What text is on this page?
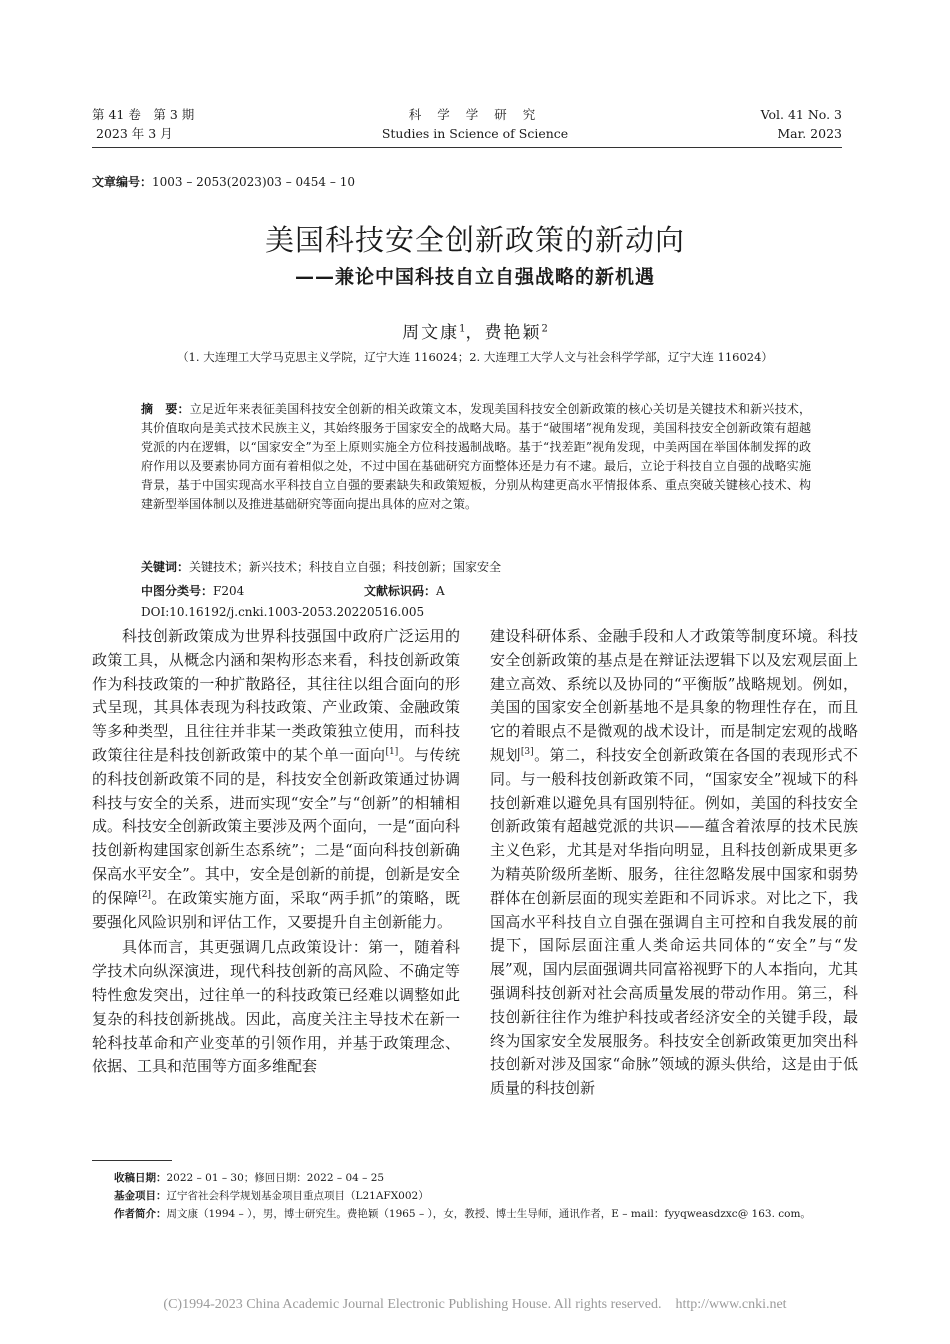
第 41 卷　第 3 期
2023 年 3 月
科 学 学 研 究
Studies in Science of Science
Vol. 41 No. 3
Mar. 2023
文章编号：1003 – 2053(2023)03 – 0454 – 10
美国科技安全创新政策的新动向
——兼论中国科技自立自强战略的新机遇
周文康$^1$，费艳颖$^2$
（1. 大连理工大学马克思主义学院，辽宁大连 116024；2. 大连理工大学人文与社会科学学部，辽宁大连 116024）
摘　要：立足近年来表征美国科技安全创新的相关政策文本，发现美国科技安全创新政策的核心关切是关键技术和新兴技术，其价值取向是美式技术民族主义，其始终服务于国家安全的战略大局。基于“破围堵”视角发现，美国科技安全创新政策有超越党派的内在逻辑，以“国家安全”为至上原则实施全方位科技遏制战略。基于“找差距”视角发现，中美两国在举国体制发挥的政府作用以及要素协同方面有着相似之处，不过中国在基础研究方面整体还是力有不逮。最后，立论于科技自立自强的战略实施背景，基于中国实现高水平科技自立自强的要素缺失和政策短板，分别从构建更高水平情报体系、重点突破关键核心技术、构建新型举国体制以及推进基础研究等面向提出具体的应对之策。
关键词：关键技术；新兴技术；科技自立自强；科技创新；国家安全
中图分类号：F204	文献标识码：A
DOI:10.16192/j.cnki.1003-2053.20220516.005

科技创新政策成为世界科技强国中政府广泛运用的政策工具，从概念内涵和架构形态来看，科技创新政策作为科技政策的一种扩散路径，其往往以组合面向的形式呈现，其具体表现为科技政策、产业政策、金融政策等多种类型，且往往并非某一类政策独立使用，而科技政策往往是科技创新政策中的某个单一面向[1]。与传统的科技创新政策不同的是，科技安全创新政策通过协调科技与安全的关系，进而实现“安全”与“创新”的相辅相成。科技安全创新政策主要涉及两个面向，一是“面向科技创新构建国家创新生态系统”；二是“面向科技创新确保高水平安全”。其中，安全是创新的前提，创新是安全的保障[2]。在政策实施方面，采取“两手抓”的策略，既要强化风险识别和评估工作，又要提升自主创新能力。

具体而言，其更强调几点政策设计：第一，随着科学技术向纵深演进，现代科技创新的高风险、不确定等特性愈发突出，过往单一的科技政策已经难以调整如此复杂的科技创新挑战。因此，高度关注主导技术在新一轮科技革命和产业变革的引领作用，并基于政策理念、依据、工具和范围等方面多维配套

建设科研体系、金融手段和人才政策等制度环境。科技安全创新政策的基点是在辩证法逻辑下以及宏观层面上建立高效、系统以及协同的“平衡版”战略规划。例如，美国的国家安全创新基地不是具象的物理性存在，而且它的着眼点不是微观的战术设计，而是制定宏观的战略规划[3]。第二，科技安全创新政策在各国的表现形式不同。与一般科技创新政策不同，“国家安全”视域下的科技创新难以避免具有国别特征。例如，美国的科技安全创新政策有超越党派的共识——蕴含着浓厚的技术民族主义色彩，尤其是对华指向明显，且科技创新成果更多为精英阶级所垄断、服务，往往忽略发展中国家和弱势群体在创新层面的现实差距和不同诉求。对比之下，我国高水平科技自立自强在强调自主可控和自我发展的前提下，国际层面注重人类命运共同体的“安全”与“发展”观，国内层面强调共同富裕视野下的人本指向，尤其强调科技创新对社会高质量发展的带动作用。第三，科技创新往往作为维护科技或者经济安全的关键手段，最终为国家安全发展服务。科技安全创新政策更加突出科技创新对涉及国家“命脉”领域的源头供给，这是由于低质量的科技创新

收稿日期：2022 – 01 – 30；修回日期：2022 – 04 – 25
基金项目：辽宁省社会科学规划基金项目重点项目（L21AFX002）
作者简介：周文康（1994 – ），男，博士研究生。费艳颖（1965 – ），女，教授、博士生导师，通讯作者，E – mail：fyyqweasdzxc@ 163. com。
(C)1994-2023 China Academic Journal Electronic Publishing House. All rights reserved.    http://www.cnki.net
